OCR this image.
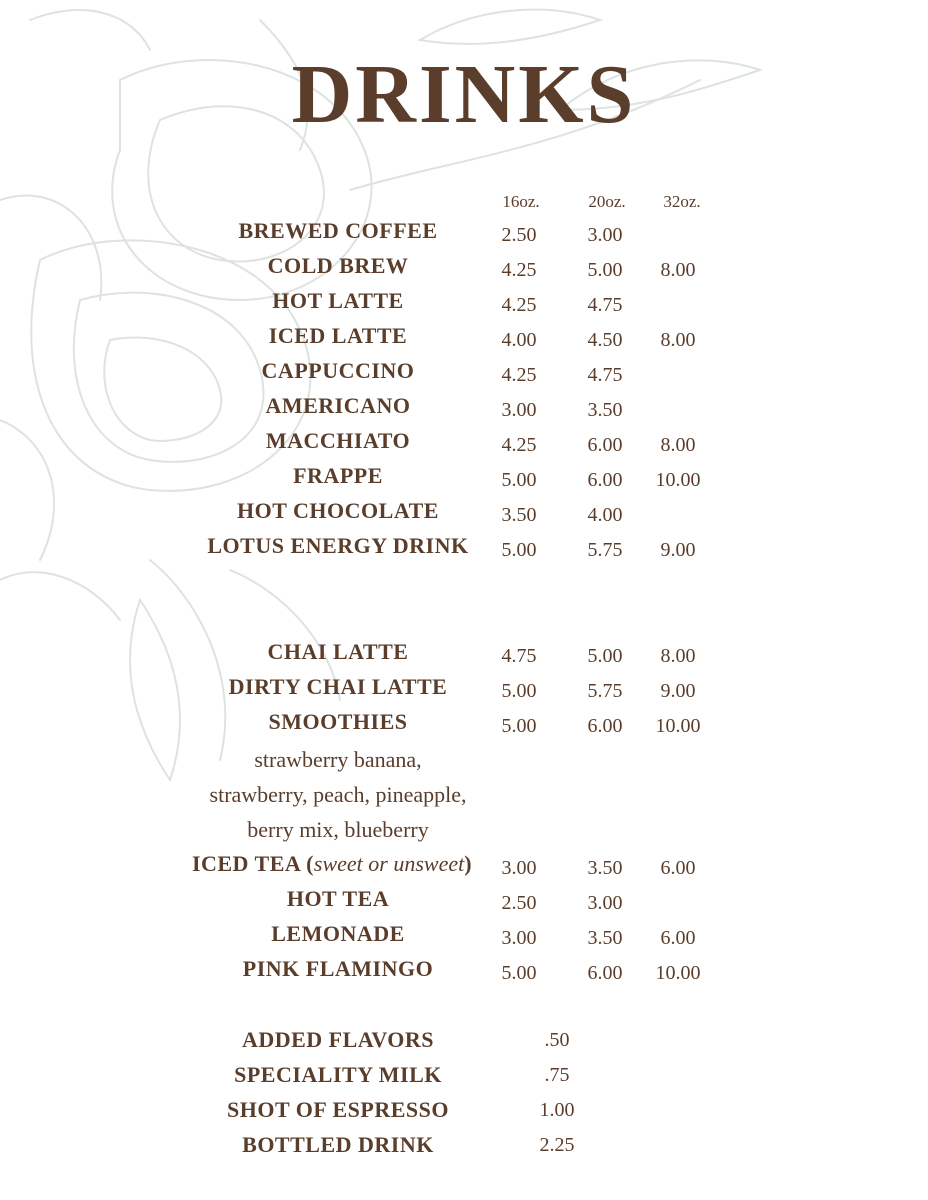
DRINKS
16oz.	20oz.	32oz.
BREWED COFFEE	2.50	3.00
COLD BREW	4.25	5.00	8.00
HOT LATTE	4.25	4.75
ICED LATTE	4.00	4.50	8.00
CAPPUCCINO	4.25	4.75
AMERICANO	3.00	3.50
MACCHIATO	4.25	6.00	8.00
FRAPPE	5.00	6.00	10.00
HOT CHOCOLATE	3.50	4.00
LOTUS ENERGY DRINK	5.00	5.75	9.00
CHAI LATTE	4.75	5.00	8.00
DIRTY CHAI LATTE	5.00	5.75	9.00
SMOOTHIES	5.00	6.00	10.00
strawberry banana,
strawberry, peach, pineapple,
berry mix, blueberry
ICED TEA (sweet or unsweet)	3.00	3.50	6.00
HOT TEA	2.50	3.00
LEMONADE	3.00	3.50	6.00
PINK FLAMINGO	5.00	6.00	10.00
ADDED FLAVORS	.50
SPECIALITY MILK	.75
SHOT OF ESPRESSO	1.00
BOTTLED DRINK	2.25
